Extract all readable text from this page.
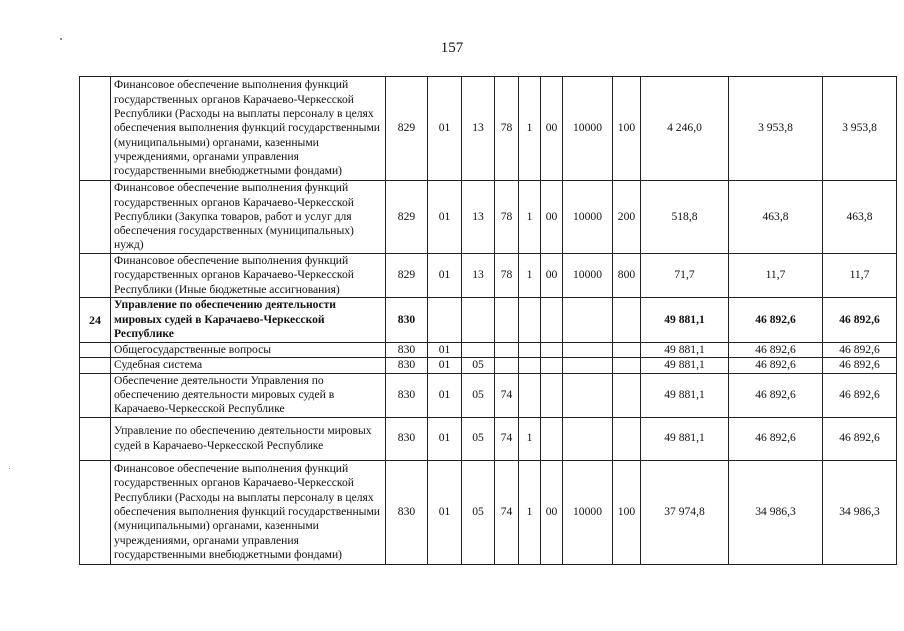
157
	Финансовое обеспечение выполнения функций государственных органов Карачаево-Черкесской Республики (Расходы на выплаты персоналу в целях обеспечения выполнения функций государственными (муниципальными) органами, казенными учреждениями, органами управления государственными внебюджетными фондами)	829	01	13	78	1	00	10000	100	4 246,0	3 953,8	3 953,8
	Финансовое обеспечение выполнения функций государственных органов Карачаево-Черкесской Республики (Закупка товаров, работ и услуг для обеспечения государственных (муниципальных) нужд)	829	01	13	78	1	00	10000	200	518,8	463,8	463,8
	Финансовое обеспечение выполнения функций государственных органов Карачаево-Черкесской Республики (Иные бюджетные ассигнования)	829	01	13	78	1	00	10000	800	71,7	11,7	11,7
24	Управление по обеспечению деятельности мировых судей в Карачаево-Черкесской Республике	830								49 881,1	46 892,6	46 892,6
	Общегосударственные вопросы	830	01							49 881,1	46 892,6	46 892,6
	Судебная система	830	01	05						49 881,1	46 892,6	46 892,6
	Обеспечение деятельности Управления по обеспечению деятельности мировых судей в Карачаево-Черкесской Республике	830	01	05	74					49 881,1	46 892,6	46 892,6
	Управление по обеспечению деятельности мировых судей в Карачаево-Черкесской Республике	830	01	05	74	1				49 881,1	46 892,6	46 892,6
	Финансовое обеспечение выполнения функций государственных органов Карачаево-Черкесской Республики (Расходы на выплаты персоналу в целях обеспечения выполнения функций государственными (муниципальными) органами, казенными учреждениями, органами управления государственными внебюджетными фондами)	830	01	05	74	1	00	10000	100	37 974,8	34 986,3	34 986,3
